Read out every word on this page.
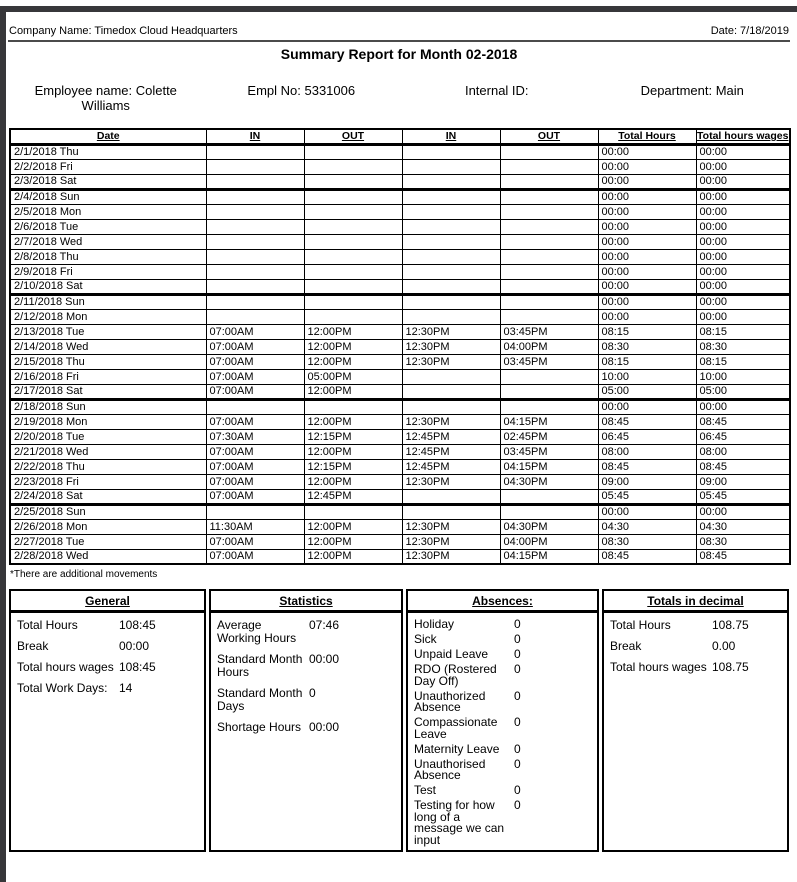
Company Name: Timedox Cloud Headquarters	Date: 7/18/2019
Summary Report for Month 02-2018
Employee name: Colette Williams
Empl No: 5331006	Internal ID:	Department: Main
Date	IN	OUT	IN	OUT	Total Hours	Total hours wages
2/1/2018 Thu					00:00	00:00
2/2/2018 Fri					00:00	00:00
2/3/2018 Sat					00:00	00:00
2/4/2018 Sun					00:00	00:00
2/5/2018 Mon					00:00	00:00
2/6/2018 Tue					00:00	00:00
2/7/2018 Wed					00:00	00:00
2/8/2018 Thu					00:00	00:00
2/9/2018 Fri					00:00	00:00
2/10/2018 Sat					00:00	00:00
2/11/2018 Sun					00:00	00:00
2/12/2018 Mon					00:00	00:00
2/13/2018 Tue	07:00AM	12:00PM	12:30PM	03:45PM	08:15	08:15
2/14/2018 Wed	07:00AM	12:00PM	12:30PM	04:00PM	08:30	08:30
2/15/2018 Thu	07:00AM	12:00PM	12:30PM	03:45PM	08:15	08:15
2/16/2018 Fri	07:00AM	05:00PM			10:00	10:00
2/17/2018 Sat	07:00AM	12:00PM			05:00	05:00
2/18/2018 Sun					00:00	00:00
2/19/2018 Mon	07:00AM	12:00PM	12:30PM	04:15PM	08:45	08:45
2/20/2018 Tue	07:30AM	12:15PM	12:45PM	02:45PM	06:45	06:45
2/21/2018 Wed	07:00AM	12:00PM	12:45PM	03:45PM	08:00	08:00
2/22/2018 Thu	07:00AM	12:15PM	12:45PM	04:15PM	08:45	08:45
2/23/2018 Fri	07:00AM	12:00PM	12:30PM	04:30PM	09:00	09:00
2/24/2018 Sat	07:00AM	12:45PM			05:45	05:45
2/25/2018 Sun					00:00	00:00
2/26/2018 Mon	11:30AM	12:00PM	12:30PM	04:30PM	04:30	04:30
2/27/2018 Tue	07:00AM	12:00PM	12:30PM	04:00PM	08:30	08:30
2/28/2018 Wed	07:00AM	12:00PM	12:30PM	04:15PM	08:45	08:45
*There are additional movements
General
Total Hours	108:45
Break	00:00
Total hours wages 108:45
Total Work Days: 14
Statistics
Average Working Hours
07:46
Standard Month Hours
00:00
Standard Month Days
0
Shortage Hours 00:00
Absences:
Holiday	0
Sick	0
Unpaid Leave	0
RDO (Rostered Day Off)
0
Unauthorized Absence
0
Compassionate Leave
0
Maternity Leave	0
Unauthorised Absence
0
Test	0
Testing for how long of a message we can input
0
Totals in decimal
Total Hours	108.75
Break	0.00
Total hours wages 108.75
